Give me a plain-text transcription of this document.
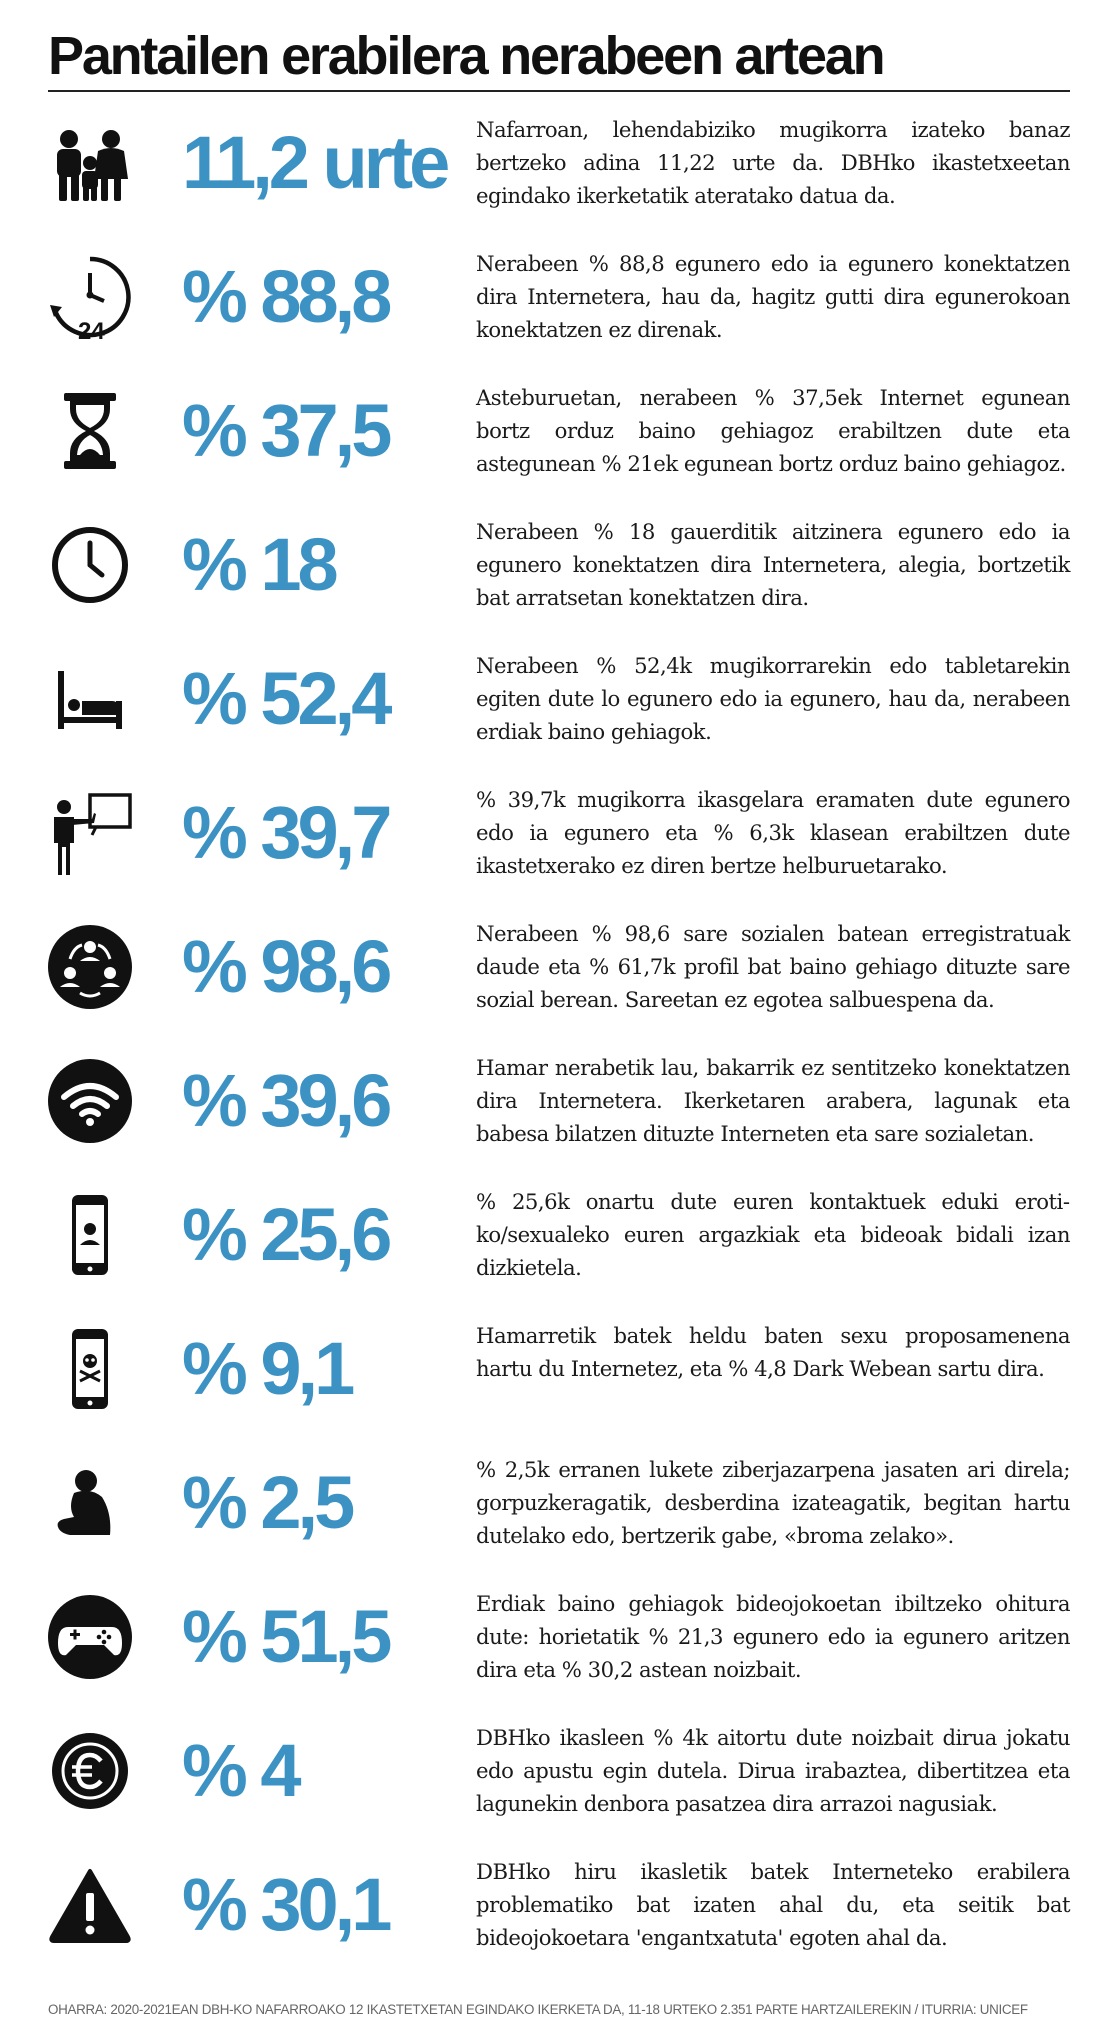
Pantailen erabilera nerabeen artean
11,2 urte Nafarroan, lehendabiziko mugikorra izateko banaz bertzeko adina 11,22 urte da. DBHko ikastetxeetan egindako ikerketatik ateratako datua da.

24 % 88,8	Nerabeen % 88,8 egunero edo ia egunero konektatzen dira Internetera, hau da, hagitz gutti dira egunerokoan konektatzen ez direnak.

% 37,5	Asteburuetan, nerabeen % 37,5ek Internet egunean bortz orduz baino gehiagoz erabiltzen dute eta astegunean % 21ek egunean bortz orduz baino gehiagoz.

% 18	Nerabeen % 18 gauerditik aitzinera egunero edo ia egunero konektatzen dira Internetera, alegia, bortzetik bat arratsetan konektatzen dira.

% 52,4	Nerabeen % 52,4k mugikorrarekin edo tabletarekin egiten dute lo egunero edo ia egunero, hau da, nerabeen erdiak baino gehiagok.

% 39,7	% 39,7k mugikorra ikasgelara eramaten dute egunero edo ia egunero eta % 6,3k klasean erabiltzen dute ikastetxerako ez diren bertze helburuetarako.

% 98,6	Nerabeen % 98,6 sare sozialen batean erregistratuak daude eta % 61,7k profil bat baino gehiago dituzte sare sozial berean. Sareetan ez egotea salbuespena da.

% 39,6	Hamar nerabetik lau, bakarrik ez sentitzeko konektatzen dira Internetera. Ikerketaren arabera, lagunak eta babesa bilatzen dituzte Interneten eta sare sozialetan.

% 25,6	% 25,6k onartu dute euren kontaktuek eduki erotiko/sexualeko euren argazkiak eta bideoak bidali izan dizkietela.

% 9,1	Hamarretik batek heldu baten sexu proposamenena hartu du Internetez, eta % 4,8 Dark Webean sartu dira.

% 2,5	% 2,5k erranen lukete ziberjazarpena jasaten ari direla; gorpuzkeragatik, desberdina izateagatik, begitan hartu dutelako edo, bertzerik gabe, «broma zelako».

% 51,5	Erdiak baino gehiagok bideojokoetan ibiltzeko ohitura dute: horietatik % 21,3 egunero edo ia egunero aritzen dira eta % 30,2 astean noizbait.

% 4	DBHko ikasleen % 4k aitortu dute noizbait dirua jokatu edo apustu egin dutela. Dirua irabaztea, dibertitzea eta lagunekin denbora pasatzea dira arrazoi nagusiak.

% 30,1	DBHko hiru ikasletik batek Interneteko erabilera problematiko bat izaten ahal du, eta seitik bat bideojokoetara 'engantxatuta' egoten ahal da.

OHARRA: 2020-2021EAN DBH-KO NAFARROAKO 12 IKASTETXETAN EGINDAKO IKERKETA DA, 11-18 URTEKO 2.351 PARTE HARTZAILEREKIN / ITURRIA: UNICEF
